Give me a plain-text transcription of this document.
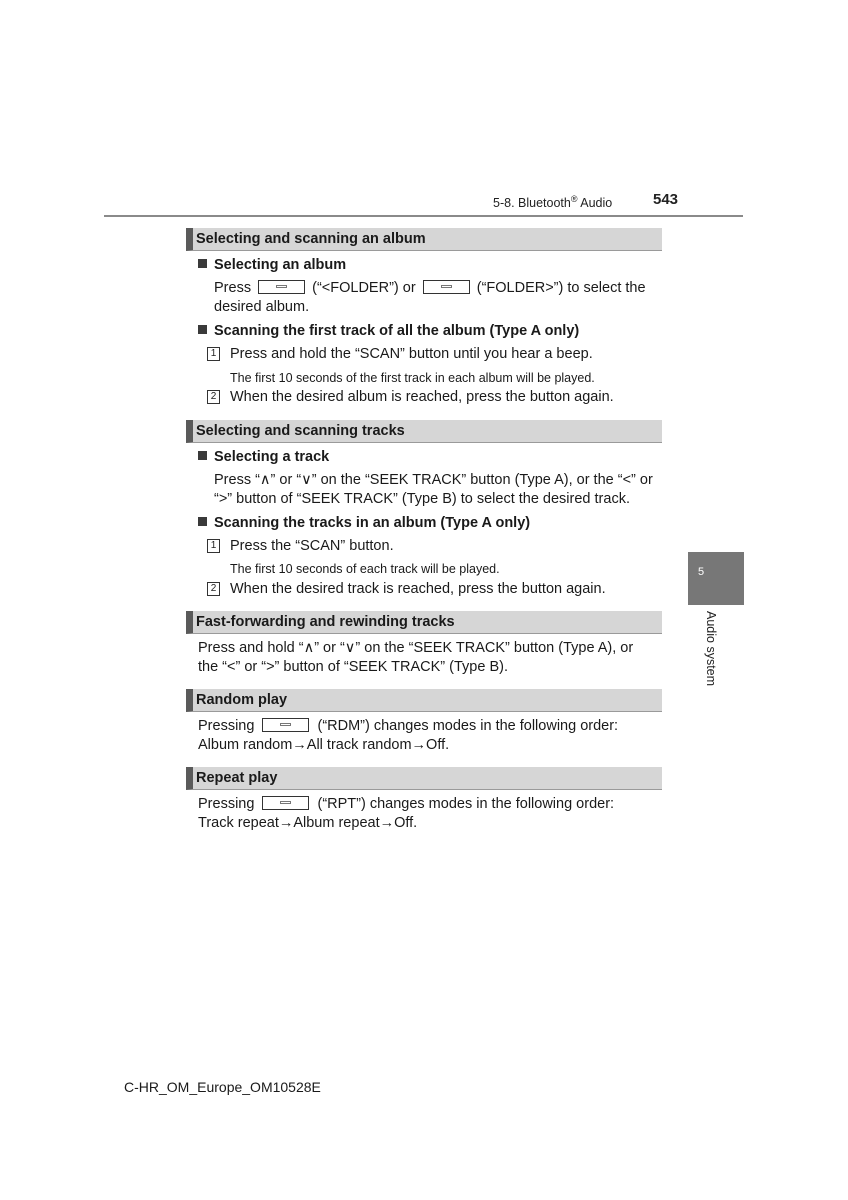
5-8. Bluetooth® Audio	543
5
Audio system
Selecting and scanning an album
Selecting an album
Press	(“<FOLDER”) or	(“FOLDER>”) to select the
desired album.
Scanning the first track of all the album (Type A only)
1 Press and hold the “SCAN” button until you hear a beep.
The first 10 seconds of the first track in each album will be played.
2 When the desired album is reached, press the button again.
Selecting and scanning tracks
Selecting a track
Press “∧” or “∨” on the “SEEK TRACK” button (Type A), or the “<” or
“>” button of “SEEK TRACK” (Type B) to select the desired track.
Scanning the tracks in an album (Type A only)
1 Press the “SCAN” button.
The first 10 seconds of each track will be played.
2 When the desired track is reached, press the button again.
Fast-forwarding and rewinding tracks
Press and hold “∧” or “∨” on the “SEEK TRACK” button (Type A), or
the “<” or “>” button of “SEEK TRACK” (Type B).
Random play
Pressing	(“RDM”) changes modes in the following order:
Album random→All track random→Off.
Repeat play
Pressing	(“RPT”) changes modes in the following order:
Track repeat→Album repeat→Off.
C-HR_OM_Europe_OM10528E
